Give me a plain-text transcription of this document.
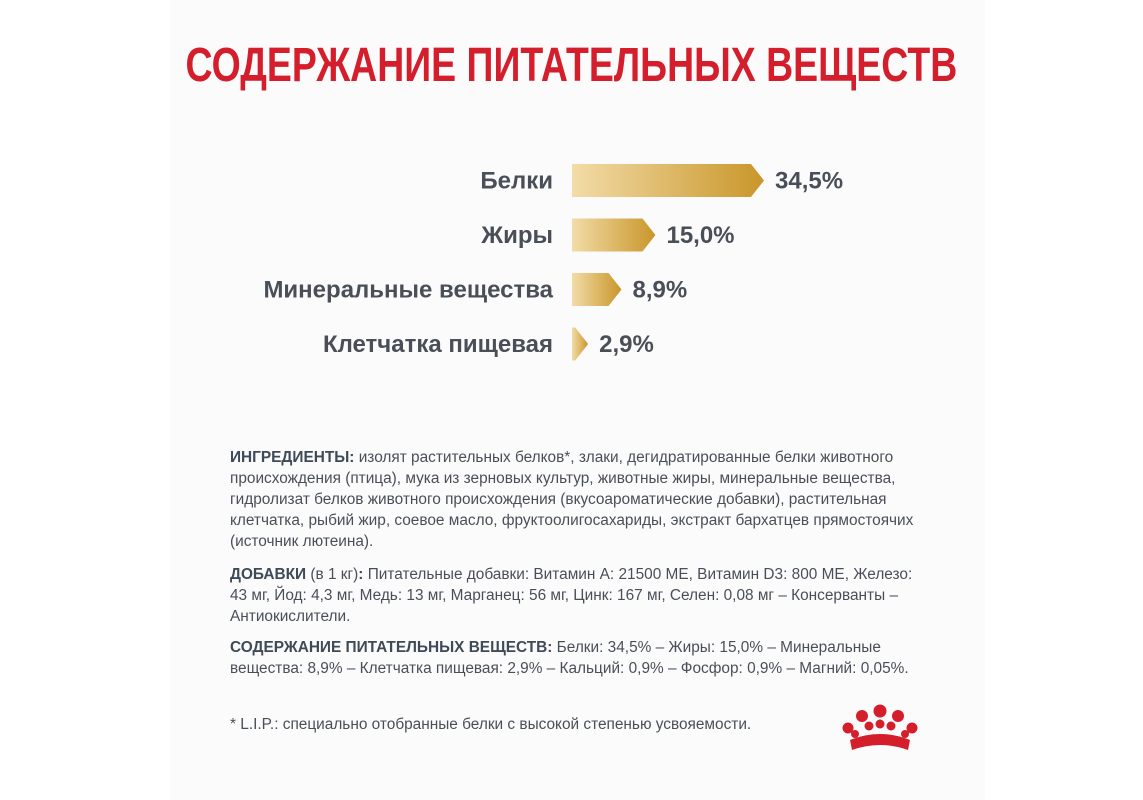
СОДЕРЖАНИЕ ПИТАТЕЛЬНЫХ ВЕЩЕСТВ
Белки	34,5%
Жиры	15,0%
Минеральные вещества	8,9%
Клетчатка пищевая 2,9%
ИНГРЕДИЕНТЫ: изолят растительных белков*, злаки, дегидратированные белки животного происхождения (птица), мука из зерновых культур, животные жиры, минеральные вещества, гидролизат белков животного происхождения (вкусоароматические добавки), растительная клетчатка, рыбий жир, соевое масло, фруктоолигосахариды, экстракт бархатцев прямостоячих (источник лютеина).
ДОБАВКИ (в 1 кг): Питательные добавки: Витамин А: 21500 МЕ, Витамин D3: 800 МЕ, Железо: 43 мг, Йод: 4,3 мг, Медь: 13 мг, Марганец: 56 мг, Цинк: 167 мг, Селен: 0,08 мг – Консерванты – Антиокислители.
СОДЕРЖАНИЕ ПИТАТЕЛЬНЫХ ВЕЩЕСТВ: Белки: 34,5% – Жиры: 15,0% – Минеральные вещества: 8,9% – Клетчатка пищевая: 2,9% – Кальций: 0,9% – Фосфор: 0,9% – Магний: 0,05%.
* L.I.P.: специально отобранные белки с высокой степенью усвояемости.
